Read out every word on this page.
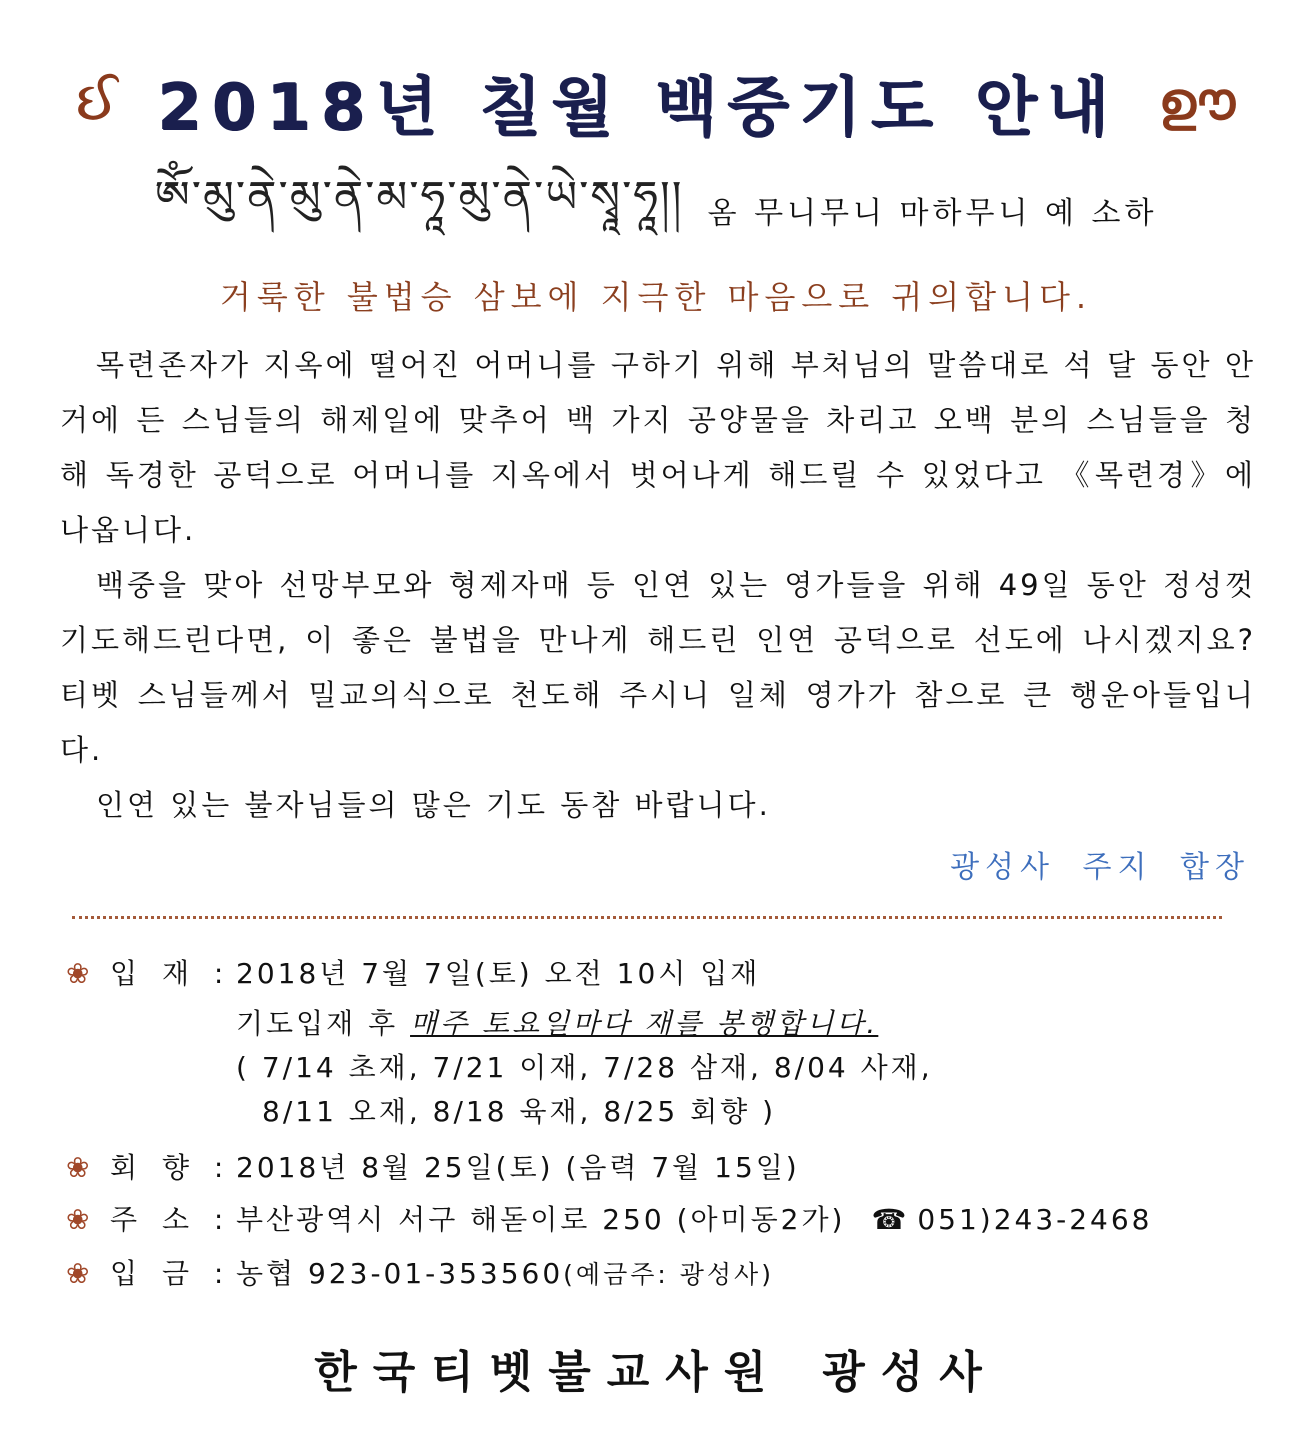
ઈ 2018년 칠월 백중기도 안내 ഊ
ཨོཾ་མུ་ནེ་མུ་ནེ་མ་ཧཱ་མུ་ནེ་ཡེ་སྭཱ་ཧཱ།། 옴 무니무니 마하무니 예 소하
거룩한 불법승 삼보에 지극한 마음으로 귀의합니다.
목련존자가 지옥에 떨어진 어머니를 구하기 위해 부처님의 말씀대로 석 달 동안 안거에 든 스님들의 해제일에 맞추어 백 가지 공양물을 차리고 오백 분의 스님들을 청해 독경한 공덕으로 어머니를 지옥에서 벗어나게 해드릴 수 있었다고 《목련경》에 나옵니다.
백중을 맞아 선망부모와 형제자매 등 인연 있는 영가들을 위해 49일 동안 정성껏 기도해드린다면, 이 좋은 불법을 만나게 해드린 인연 공덕으로 선도에 나시겠지요? 티벳 스님들께서 밀교의식으로 천도해 주시니 일체 영가가 참으로 큰 행운아들입니다.
인연 있는 불자님들의 많은 기도 동참 바랍니다.
광성사 주지 합장
❀ 입 재 : 2018년 7월 7일(토) 오전 10시 입재
기도입재 후 매주 토요일마다 재를 봉행합니다.
( 7/14 초재, 7/21 이재, 7/28 삼재, 8/04 사재,
8/11 오재, 8/18 육재, 8/25 회향 )
❀ 회 향 : 2018년 8월 25일(토) (음력 7월 15일)
❀ 주 소 : 부산광역시 서구 해돋이로 250 (아미동2가) ☎ 051)243-2468
❀ 입 금 : 농협 923-01-353560 (예금주: 광성사)
한국티벳불교사원 광성사
